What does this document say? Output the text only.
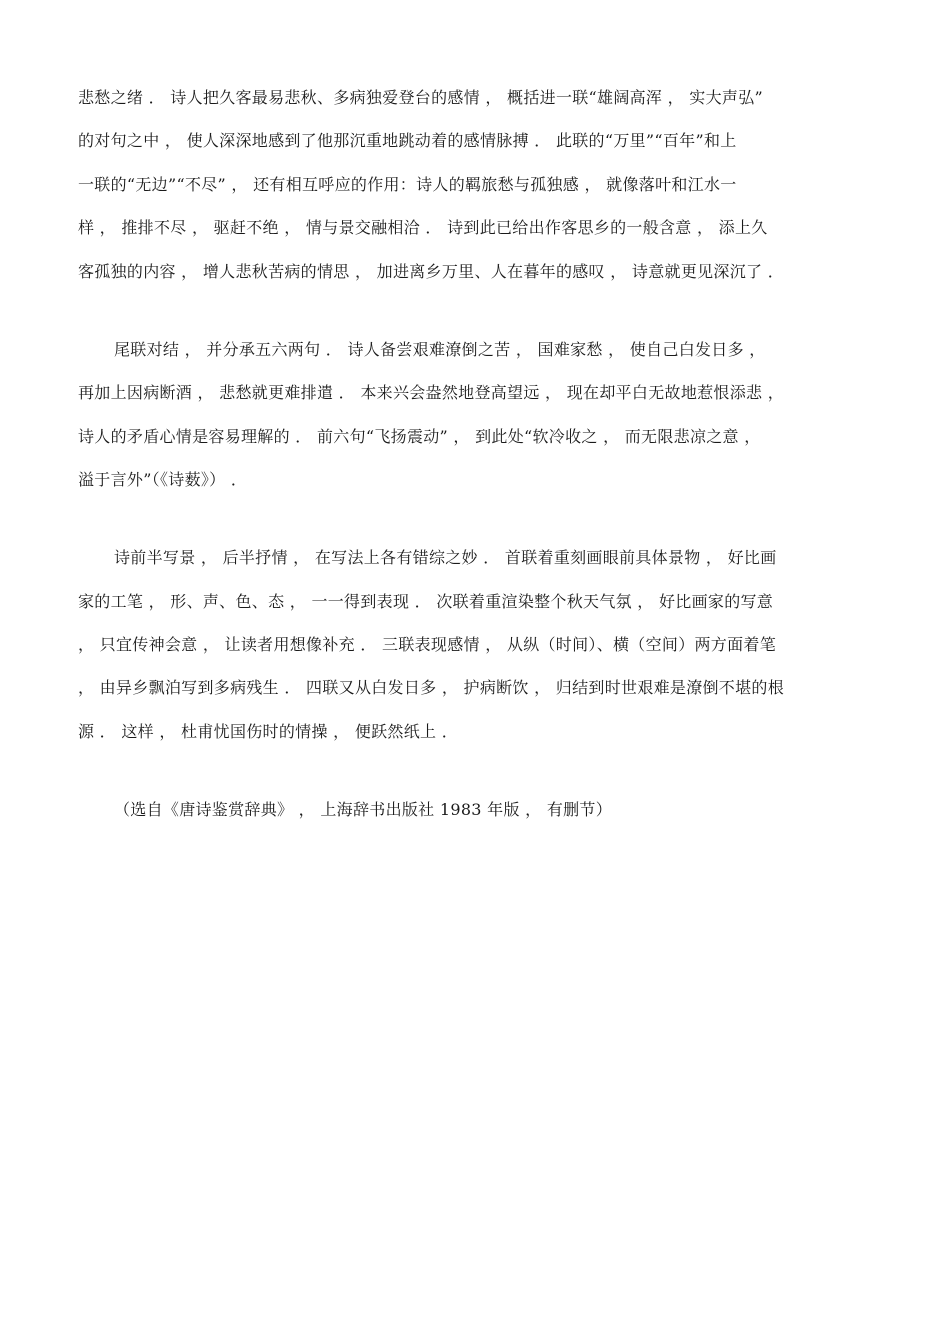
悲愁之绪 ． 诗人把久客最易悲秋、多病独爱登台的感情 ， 概括进一联“雄阔高浑 ， 实大声弘”
的对句之中 ， 使人深深地感到了他那沉重地跳动着的感情脉搏 ． 此联的“万里”“百年”和上
一联的“无边”“不尽” ， 还有相互呼应的作用：诗人的羁旅愁与孤独感 ， 就像落叶和江水一
样 ， 推排不尽 ， 驱赶不绝 ， 情与景交融相洽 ． 诗到此已给出作客思乡的一般含意 ， 添上久
客孤独的内容 ， 增人悲秋苦病的情思 ， 加进离乡万里、人在暮年的感叹 ， 诗意就更见深沉了 ．
尾联对结 ， 并分承五六两句 ． 诗人备尝艰难潦倒之苦 ， 国难家愁 ， 使自己白发日多 ，
再加上因病断酒 ， 悲愁就更难排遣 ． 本来兴会盎然地登高望远 ， 现在却平白无故地惹恨添悲 ，
诗人的矛盾心情是容易理解的 ． 前六句“飞扬震动” ， 到此处“软冷收之 ， 而无限悲凉之意 ，
溢于言外”（《诗薮》） ．
诗前半写景 ， 后半抒情 ， 在写法上各有错综之妙 ． 首联着重刻画眼前具体景物 ， 好比画
家的工笔 ， 形、声、色、态 ， 一一得到表现 ． 次联着重渲染整个秋天气氛 ， 好比画家的写意
， 只宜传神会意 ， 让读者用想像补充 ． 三联表现感情 ， 从纵（时间）、横（空间）两方面着笔
， 由异乡飘泊写到多病残生 ． 四联又从白发日多 ， 护病断饮 ， 归结到时世艰难是潦倒不堪的根
源 ． 这样 ， 杜甫忧国伤时的情操 ， 便跃然纸上 ．
（选自《唐诗鉴赏辞典》 ， 上海辞书出版社 1983 年版 ， 有删节）
